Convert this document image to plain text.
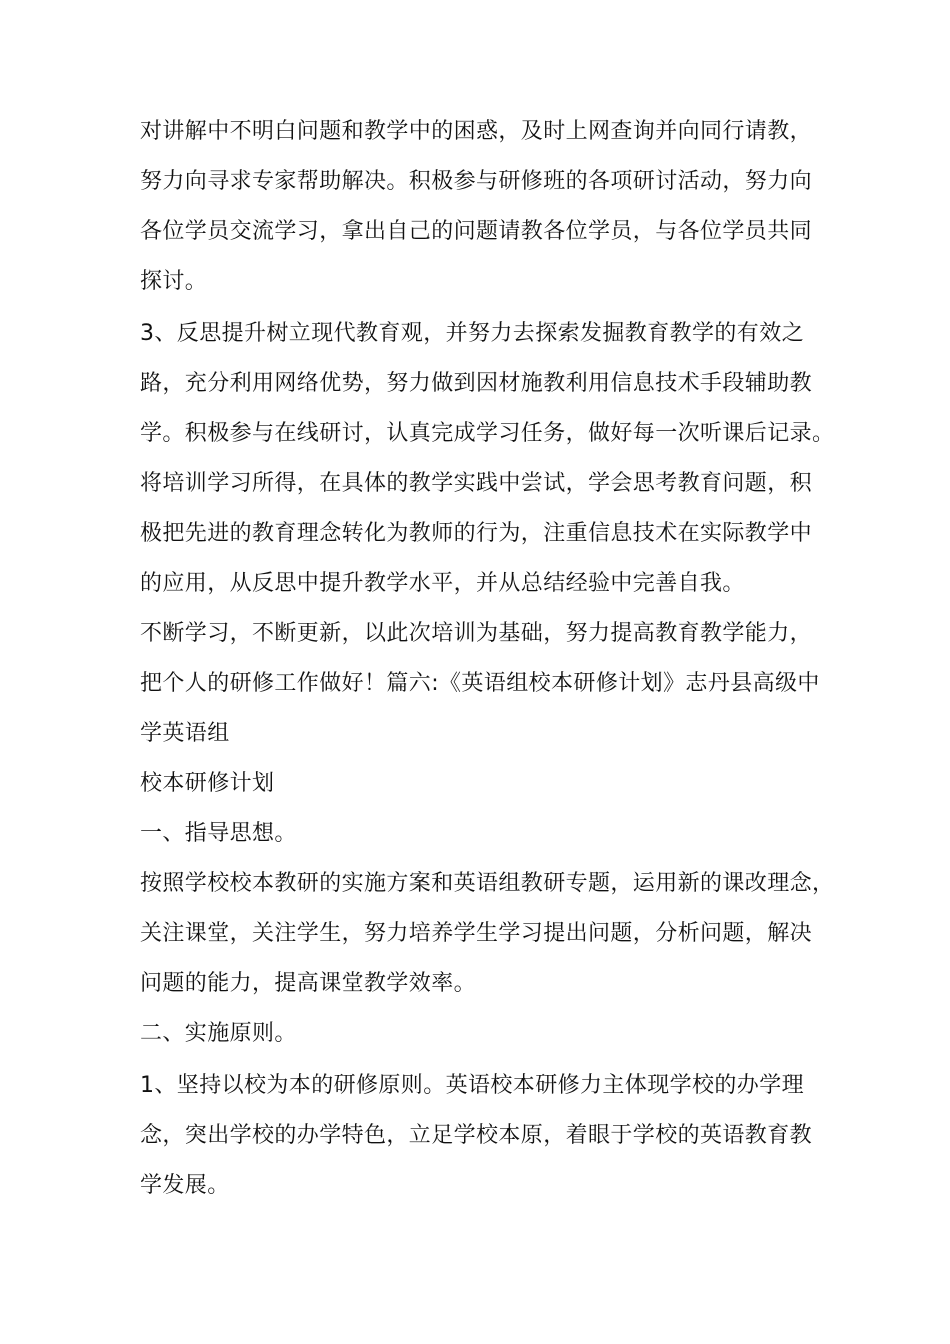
对讲解中不明白问题和教学中的困惑，及时上网查询并向同行请教，
努力向寻求专家帮助解决。积极参与研修班的各项研讨活动，努力向
各位学员交流学习，拿出自己的问题请教各位学员，与各位学员共同
探讨。
3、反思提升树立现代教育观，并努力去探索发掘教育教学的有效之
路，充分利用网络优势，努力做到因材施教利用信息技术手段辅助教
学。积极参与在线研讨，认真完成学习任务，做好每一次听课后记录。
将培训学习所得，在具体的教学实践中尝试，学会思考教育问题，积
极把先进的教育理念转化为教师的行为，注重信息技术在实际教学中
的应用，从反思中提升教学水平，并从总结经验中完善自我。
不断学习，不断更新，以此次培训为基础，努力提高教育教学能力，
把个人的研修工作做好！篇六:《英语组校本研修计划》志丹县高级中
学英语组
校本研修计划
一、指导思想。
按照学校校本教研的实施方案和英语组教研专题，运用新的课改理念，
关注课堂，关注学生，努力培养学生学习提出问题，分析问题，解决
问题的能力，提高课堂教学效率。
二、实施原则。
1、坚持以校为本的研修原则。英语校本研修力主体现学校的办学理
念，突出学校的办学特色，立足学校本原，着眼于学校的英语教育教
学发展。
